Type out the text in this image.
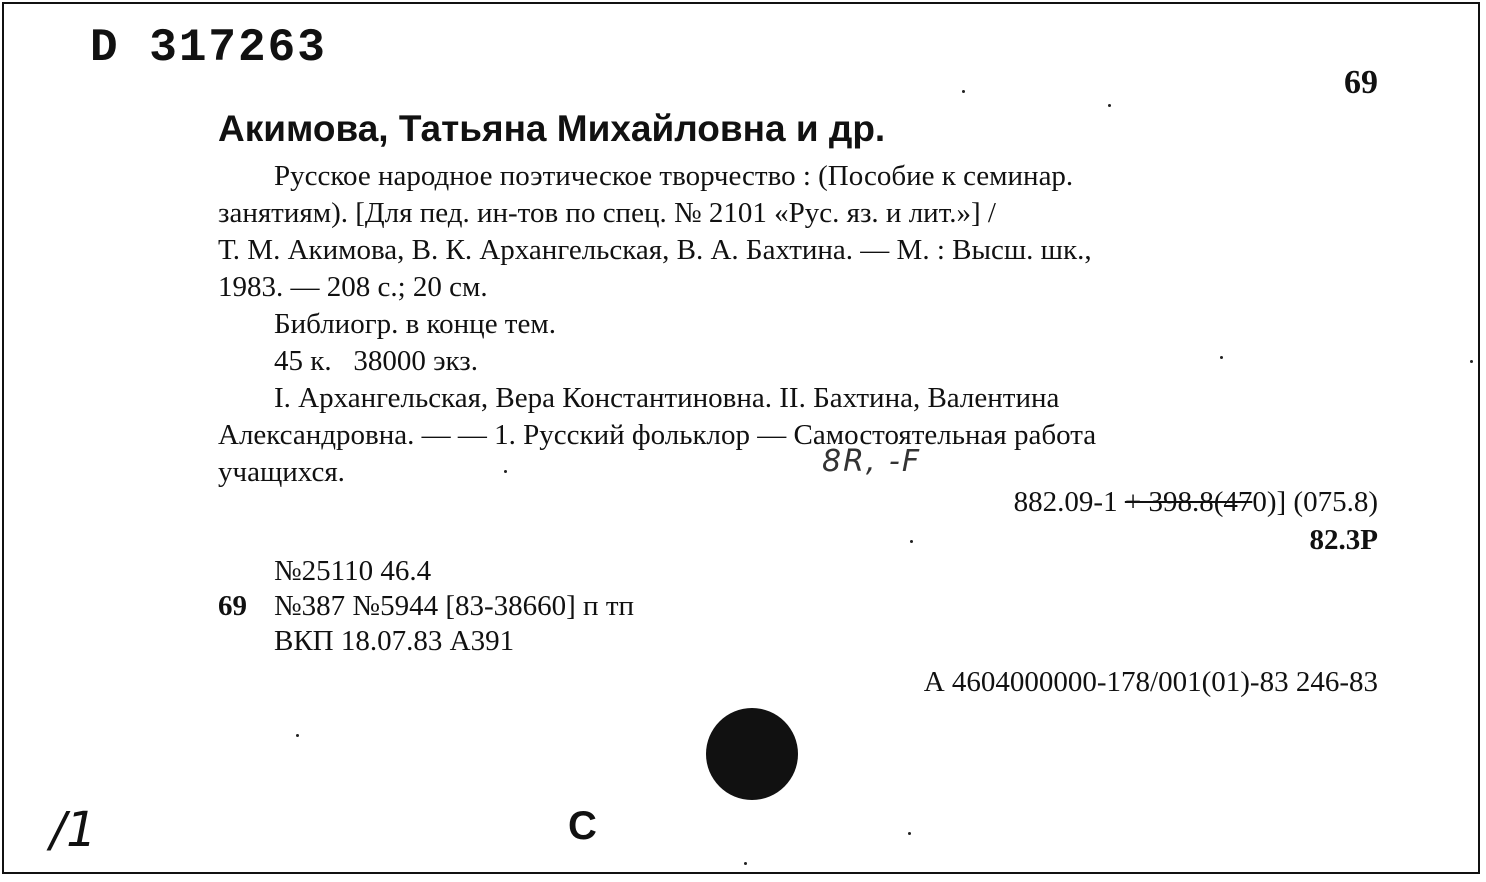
D 317263
69
Акимова, Татьяна Михайловна и др.

Русское народное поэтическое творчество : (Пособие к семинар.
занятиям). [Для пед. ин-тов по спец. № 2101 «Рус. яз. и лит.»] /
Т. М. Акимова, В. К. Архангельская, В. А. Бахтина. — М. : Высш. шк.,
1983. — 208 с.; 20 см.

Библиогр. в конце тем.

45 к.   38000 экз.

I. Архангельская, Вера Константиновна. II. Бахтина, Валентина
Александровна. — — 1. Русский фольклор — Самостоятельная работа
учащихся.	8R, -F
882.09-1 + 398.8(470)] (075.8)
82.3Р
№25110 46.4
69 №387 №5944 [83-38660] п тп
ВКП 18.07.83 А391
А 4604000000-178/001(01)-83 246-83
/1	С
